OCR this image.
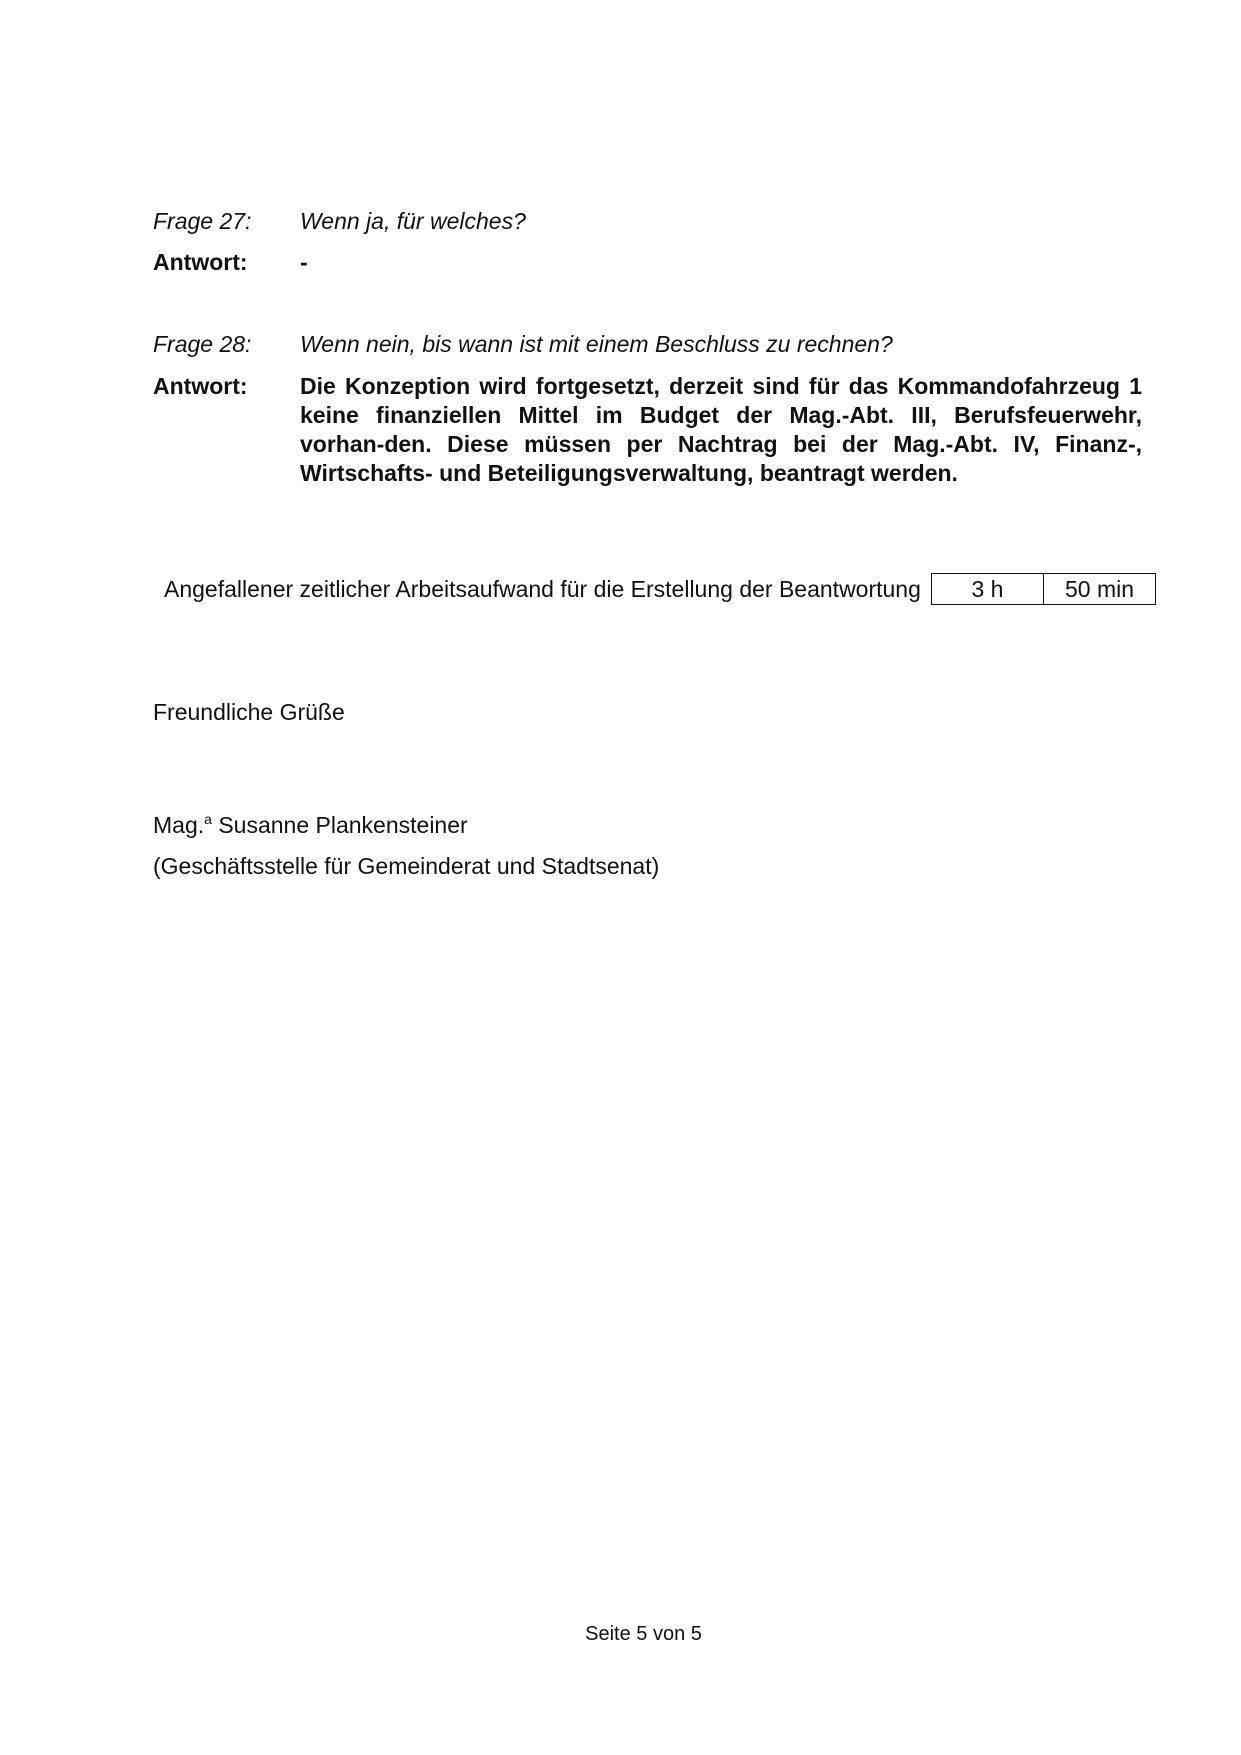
Frage 27:	Wenn ja, für welches?
Antwort:	-
Frage 28:	Wenn nein, bis wann ist mit einem Beschluss zu rechnen?
Antwort:	Die Konzeption wird fortgesetzt, derzeit sind für das Kommandofahrzeug 1 keine finanziellen Mittel im Budget der Mag.-Abt. III, Berufsfeuerwehr, vorhan-den. Diese müssen per Nachtrag bei der Mag.-Abt. IV, Finanz-, Wirtschafts- und Beteiligungsverwaltung, beantragt werden.
Angefallener zeitlicher Arbeitsaufwand für die Erstellung der Beantwortung	3 h	50 min
Freundliche Grüße
Mag.$^a$ Susanne Plankensteiner
(Geschäftsstelle für Gemeinderat und Stadtsenat)
Seite 5 von 5
